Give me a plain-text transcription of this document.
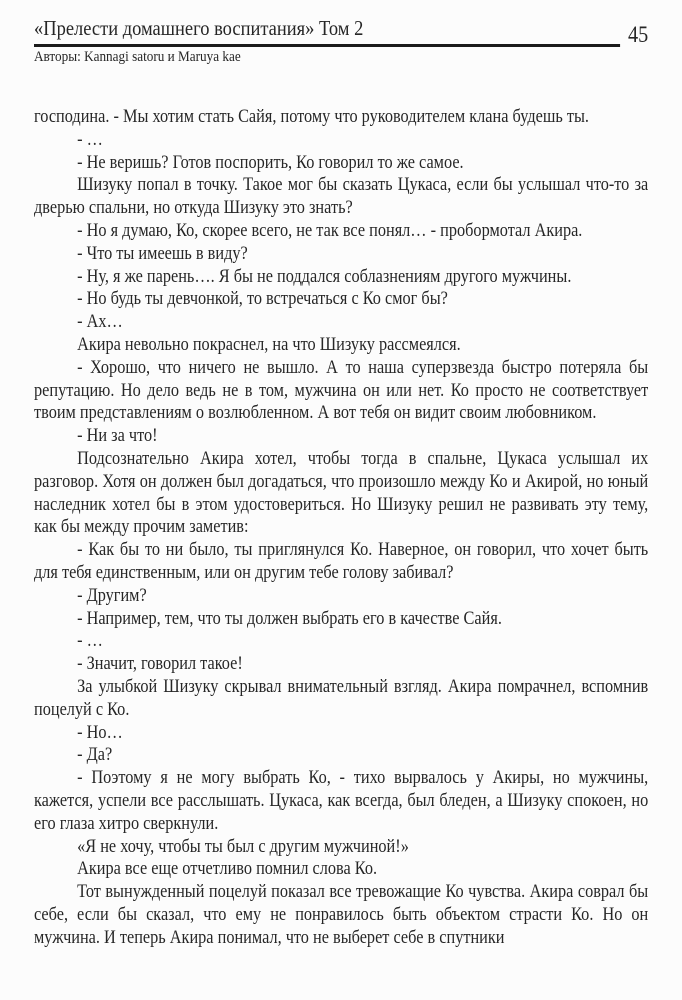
«Прелести домашнего воспитания» Том 2	45
Авторы: Kannagi satoru и Maruya kae

господина. - Мы хотим стать Сайя, потому что руководителем клана будешь ты.

- …

- Не веришь? Готов поспорить, Ко говорил то же самое.

Шизуку попал в точку. Такое мог бы сказать Цукаса, если бы услышал что-то за дверью спальни, но откуда Шизуку это знать?

- Но я думаю, Ко, скорее всего, не так все понял… - пробормотал Акира.

- Что ты имеешь в виду?

- Ну, я же парень…. Я бы не поддался соблазнениям другого мужчины.

- Но будь ты девчонкой, то встречаться с Ко смог бы?

- Ах…

Акира невольно покраснел, на что Шизуку рассмеялся.

- Хорошо, что ничего не вышло. А то наша суперзвезда быстро потеряла бы репутацию. Но дело ведь не в том, мужчина он или нет. Ко просто не соответствует твоим представлениям о возлюбленном. А вот тебя он видит своим любовником.

- Ни за что!

Подсознательно Акира хотел, чтобы тогда в спальне, Цукаса услышал их разговор. Хотя он должен был догадаться, что произошло между Ко и Акирой, но юный наследник хотел бы в этом удостовериться. Но Шизуку решил не развивать эту тему, как бы между прочим заметив:

- Как бы то ни было, ты приглянулся Ко. Наверное, он говорил, что хочет быть для тебя единственным, или он другим тебе голову забивал?

- Другим?

- Например, тем, что ты должен выбрать его в качестве Сайя.

- …

- Значит, говорил такое!

За улыбкой Шизуку скрывал внимательный взгляд. Акира помрачнел, вспомнив поцелуй с Ко.

- Но…

- Да?

- Поэтому я не могу выбрать Ко, - тихо вырвалось у Акиры, но мужчины, кажется, успели все расслышать. Цукаса, как всегда, был бледен, а Шизуку спокоен, но его глаза хитро сверкнули.

«Я не хочу, чтобы ты был с другим мужчиной!»

Акира все еще отчетливо помнил слова Ко.

Тот вынужденный поцелуй показал все тревожащие Ко чувства. Акира соврал бы себе, если бы сказал, что ему не понравилось быть объектом страсти Ко. Но он мужчина. И теперь Акира понимал, что не выберет себе в спутники
